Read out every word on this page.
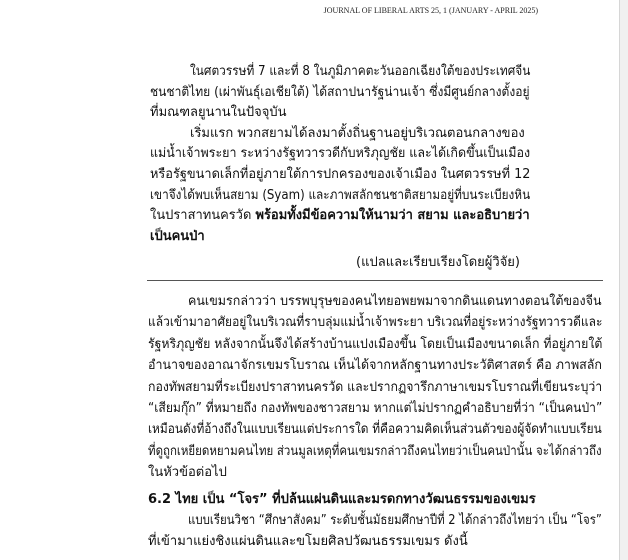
JOURNAL OF LIBERAL ARTS 25, 1 (JANUARY - APRIL 2025)
ในศตวรรษที่ 7 และที่ 8 ในภูมิภาคตะวันออกเฉียงใต้ของประเทศจีน
ชนชาติไทย (เผ่าพันธุ์เอเชียใต้) ได้สถาปนารัฐน่านเจ้า ซึ่งมีศูนย์กลางตั้งอยู่
ที่มณฑลยูนานในปัจจุบัน
เริ่มแรก พวกสยามได้ลงมาตั้งถิ่นฐานอยู่บริเวณตอนกลางของ
แม่น้ำเจ้าพระยา ระหว่างรัฐทวารวดีกับหริภุญชัย และได้เกิดขึ้นเป็นเมือง
หรือรัฐขนาดเล็กที่อยู่ภายใต้การปกครองของเจ้าเมือง ในศตวรรษที่ 12
เขาจึงได้พบเห็นสยาม (Syam) และภาพสลักชนชาติสยามอยู่ที่บนระเบียงหิน
ในปราสาทนครวัด พร้อมทั้งมีข้อความให้นามว่า สยาม และอธิบายว่า
เป็นคนป่า
(แปลและเรียบเรียงโดยผู้วิจัย)
คนเขมรกล่าวว่า บรรพบุรุษของคนไทยอพยพมาจากดินแดนทางตอนใต้ของจีน
แล้วเข้ามาอาศัยอยู่ในบริเวณที่ราบลุ่มแม่น้ำเจ้าพระยา บริเวณที่อยู่ระหว่างรัฐทวารวดีและ
รัฐหริภุญชัย หลังจากนั้นจึงได้สร้างบ้านแปงเมืองขึ้น โดยเป็นเมืองขนาดเล็ก ที่อยู่ภายใต้
อำนาจของอาณาจักรเขมรโบราณ เห็นได้จากหลักฐานทางประวัติศาสตร์ คือ ภาพสลัก
กองทัพสยามที่ระเบียงปราสาทนครวัด และปรากฏจารึกภาษาเขมรโบราณที่เขียนระบุว่า
“เสียมกุ๊ก” ที่หมายถึง กองทัพของชาวสยาม หากแต่ไม่ปรากฏคำอธิบายที่ว่า “เป็นคนป่า”
เหมือนดังที่อ้างถึงในแบบเรียนแต่ประการใด ที่คือความคิดเห็นส่วนตัวของผู้จัดทำแบบเรียน
ที่ดูถูกเหยียดหยามคนไทย ส่วนมูลเหตุที่คนเขมรกล่าวถึงคนไทยว่าเป็นคนป่านั้น จะได้กล่าวถึง
ในหัวข้อต่อไป
6.2 ไทย เป็น “โจร” ที่ปล้นแผ่นดินและมรดกทางวัฒนธรรมของเขมร
แบบเรียนวิชา “ศึกษาสังคม” ระดับชั้นมัธยมศึกษาปีที่ 2 ได้กล่าวถึงไทยว่า เป็น “โจร”
ที่เข้ามาแย่งชิงแผ่นดินและขโมยศิลปวัฒนธรรมเขมร ดังนี้
